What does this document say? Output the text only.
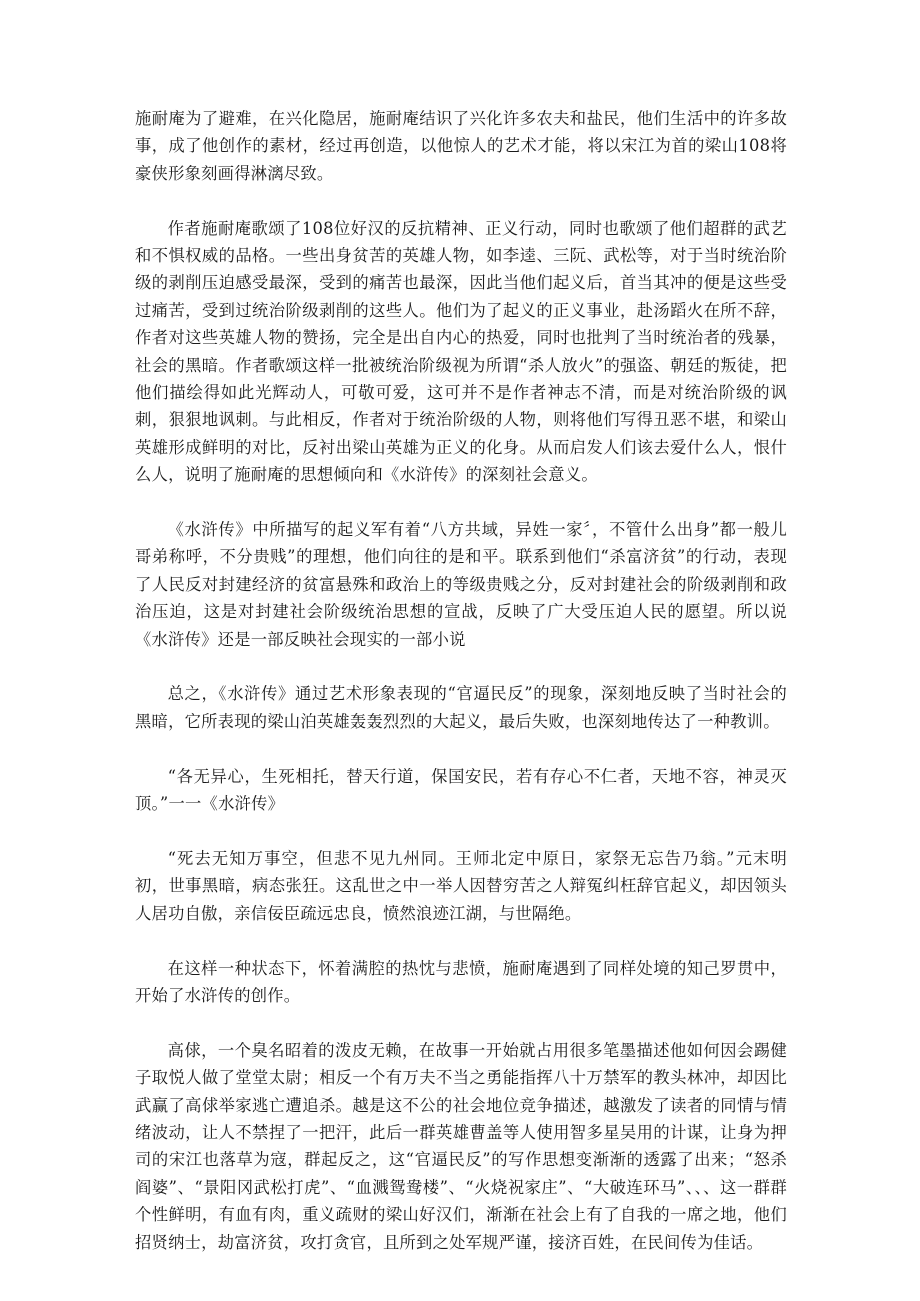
施耐庵为了避难，在兴化隐居，施耐庵结识了兴化许多农夫和盐民，他们生活中的许多故事，成了他创作的素材，经过再创造，以他惊人的艺术才能，将以宋江为首的梁山108将豪侠形象刻画得淋漓尽致。

作者施耐庵歌颂了108位好汉的反抗精神、正义行动，同时也歌颂了他们超群的武艺和不惧权威的品格。一些出身贫苦的英雄人物，如李逵、三阮、武松等，对于当时统治阶级的剥削压迫感受最深，受到的痛苦也最深，因此当他们起义后，首当其冲的便是这些受过痛苦，受到过统治阶级剥削的这些人。他们为了起义的正义事业，赴汤蹈火在所不辞，作者对这些英雄人物的赞扬，完全是出自内心的热爱，同时也批判了当时统治者的残暴，社会的黑暗。作者歌颂这样一批被统治阶级视为所谓“杀人放火”的强盗、朝廷的叛徒，把他们描绘得如此光辉动人，可敬可爱，这可并不是作者神志不清，而是对统治阶级的讽刺，狠狠地讽刺。与此相反，作者对于统治阶级的人物，则将他们写得丑恶不堪，和梁山英雄形成鲜明的对比，反衬出梁山英雄为正义的化身。从而启发人们该去爱什么人，恨什么人，说明了施耐庵的思想倾向和《水浒传》的深刻社会意义。

《水浒传》中所描写的起义军有着“八方共域，异姓一家〞，不管什么出身”都一般儿哥弟称呼，不分贵贱”的理想，他们向往的是和平。联系到他们“杀富济贫”的行动，表现了人民反对封建经济的贫富悬殊和政治上的等级贵贱之分，反对封建社会的阶级剥削和政治压迫，这是对封建社会阶级统治思想的宣战，反映了广大受压迫人民的愿望。所以说《水浒传》还是一部反映社会现实的一部小说

总之，《水浒传》通过艺术形象表现的“官逼民反”的现象，深刻地反映了当时社会的黑暗，它所表现的梁山泊英雄轰轰烈烈的大起义，最后失败，也深刻地传达了一种教训。

“各无异心，生死相托，替天行道，保国安民，若有存心不仁者，天地不容，神灵灭顶。”一一《水浒传》

“死去无知万事空，但悲不见九州同。王师北定中原日，家祭无忘告乃翁。”元末明初，世事黑暗，病态张狂。这乱世之中一举人因替穷苦之人辩冤纠枉辞官起义，却因领头人居功自傲，亲信佞臣疏远忠良，愤然浪迹江湖，与世隔绝。

在这样一种状态下，怀着满腔的热忱与悲愤，施耐庵遇到了同样处境的知己罗贯中，开始了水浒传的创作。

高俅，一个臭名昭着的泼皮无赖，在故事一开始就占用很多笔墨描述他如何因会踢健子取悦人做了堂堂太尉；相反一个有万夫不当之勇能指挥八十万禁军的教头林冲，却因比武赢了高俅举家逃亡遭追杀。越是这不公的社会地位竞争描述，越激发了读者的同情与情绪波动，让人不禁捏了一把汗，此后一群英雄曹盖等人使用智多星吴用的计谋，让身为押司的宋江也落草为寇，群起反之，这“官逼民反”的写作思想变渐渐的透露了出来；“怒杀阎婆”、“景阳冈武松打虎”、“血溅鸳鸯楼”、“火烧祝家庄”、“大破连环马”、、、这一群群个性鲜明，有血有肉，重义疏财的梁山好汉们，渐渐在社会上有了自我的一席之地，他们招贤纳士，劫富济贫，攻打贪官，且所到之处军规严谨，接济百姓，在民间传为佳话。
